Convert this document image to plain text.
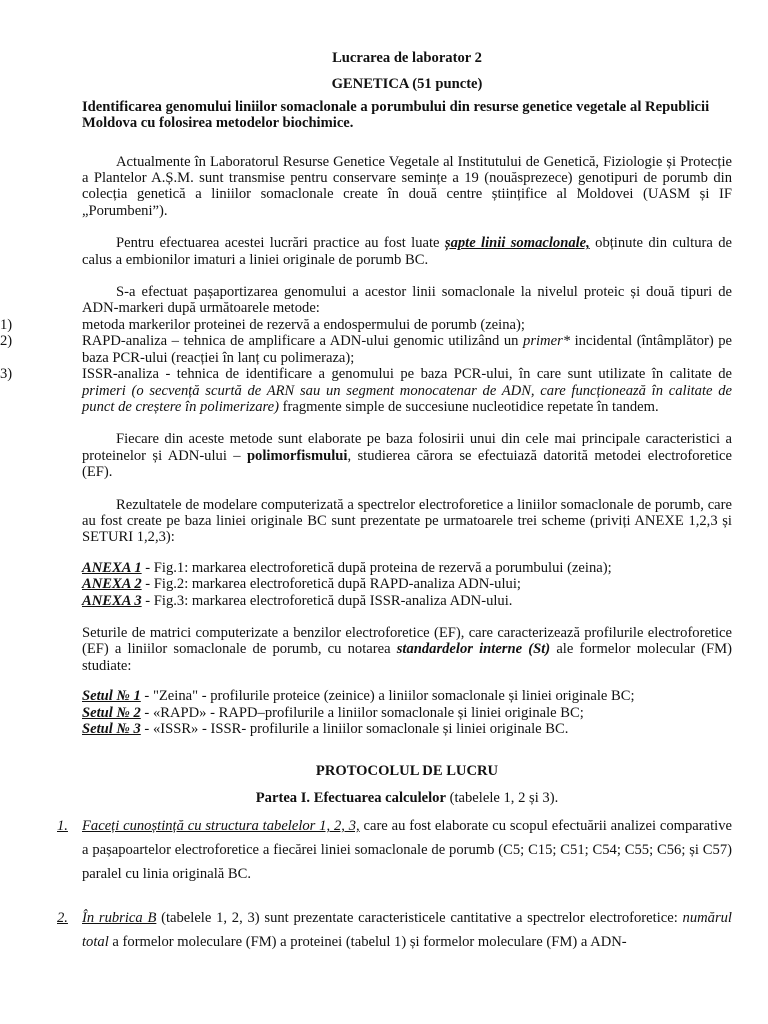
Lucrarea de laborator 2
GENETICA (51 puncte)
Identificarea genomului liniilor somaclonale a porumbului din resurse genetice vegetale al Republicii Moldova cu folosirea metodelor biochimice.
Actualmente în Laboratorul Resurse Genetice Vegetale al Institutului de Genetică, Fiziologie și Protecție a Plantelor A.Ș.M. sunt transmise pentru conservare semințe a 19 (nouăsprezece) genotipuri de porumb din colecția genetică a liniilor somaclonale create în două centre științifice al Moldovei (UASM și IF „Porumbeni”).
Pentru efectuarea acestei lucrări practice au fost luate șapte linii somaclonale, obținute din cultura de calus a embionilor imaturi a liniei originale de porumb BC.
S-a efectuat pașaportizarea genomului a acestor linii somaclonale la nivelul proteic și două tipuri de ADN-markeri după următoarele metode:
1)	metoda markerilor proteinei de rezervă a endospermului de porumb (zeina);
2)	RAPD-analiza – tehnica de amplificare a ADN-ului genomic utilizând un primer* incidental (întâmplător) pe baza PCR-ului (reacției în lanț cu polimeraza);
3)	ISSR-analiza - tehnica de identificare a genomului pe baza PCR-ului, în care sunt utilizate în calitate de primeri (o secvență scurtă de ARN sau un segment monocatenar de ADN, care funcționează în calitate de punct de creștere în polimerizare) fragmente simple de succesiune nucleotidice repetate în tandem.
Fiecare din aceste metode sunt elaborate pe baza folosirii unui din cele mai principale caracteristici a proteinelor și ADN-ului – polimorfismului, studierea cărora se efectuiază datorită metodei electroforetice (EF).
Rezultatele de modelare computerizată a spectrelor electroforetice a liniilor somaclonale de porumb, care au fost create pe baza liniei originale BC sunt prezentate pe urmatoarele trei scheme (priviți ANEXE 1,2,3 și SETURI 1,2,3):
ANEXA 1 - Fig.1: markarea electroforetică după proteina de rezervă a porumbului (zeina);
ANEXA 2 - Fig.2: markarea electroforetică după RAPD-analiza ADN-ului;
ANEXA 3 - Fig.3: markarea electroforetică după ISSR-analiza ADN-ului.
Seturile de matrici computerizate a benzilor electroforetice (EF), care caracterizează profilurile electroforetice (EF) a liniilor somaclonale de porumb, cu notarea standardelor interne (St) ale formelor molecular (FM) studiate:
Setul № 1 - "Zeina" - profilurile proteice (zeinice) a liniilor somaclonale și liniei originale BC;
Setul № 2 - «RAPD» - RAPD–profilurile a liniilor somaclonale și liniei originale BC;
Setul № 3 - «ISSR» - ISSR- profilurile a liniilor somaclonale și liniei originale BC.
PROTOCOLUL DE LUCRU
Partea I. Efectuarea calculelor (tabelele 1, 2 și 3).
1. Faceți cunoștință cu structura tabelelor 1, 2, 3, care au fost elaborate cu scopul efectuării analizei comparative a pașapoartelor electroforetice a fiecărei liniei somaclonale de porumb (C5; C15; C51; C54; C55; C56; și C57) paralel cu linia originală BC.
2. În rubrica B (tabelele 1, 2, 3) sunt prezentate caracteristicele cantitative a spectrelor electroforetice: numărul total a formelor moleculare (FM) a proteinei (tabelul 1) și formelor moleculare (FM) a ADN-
